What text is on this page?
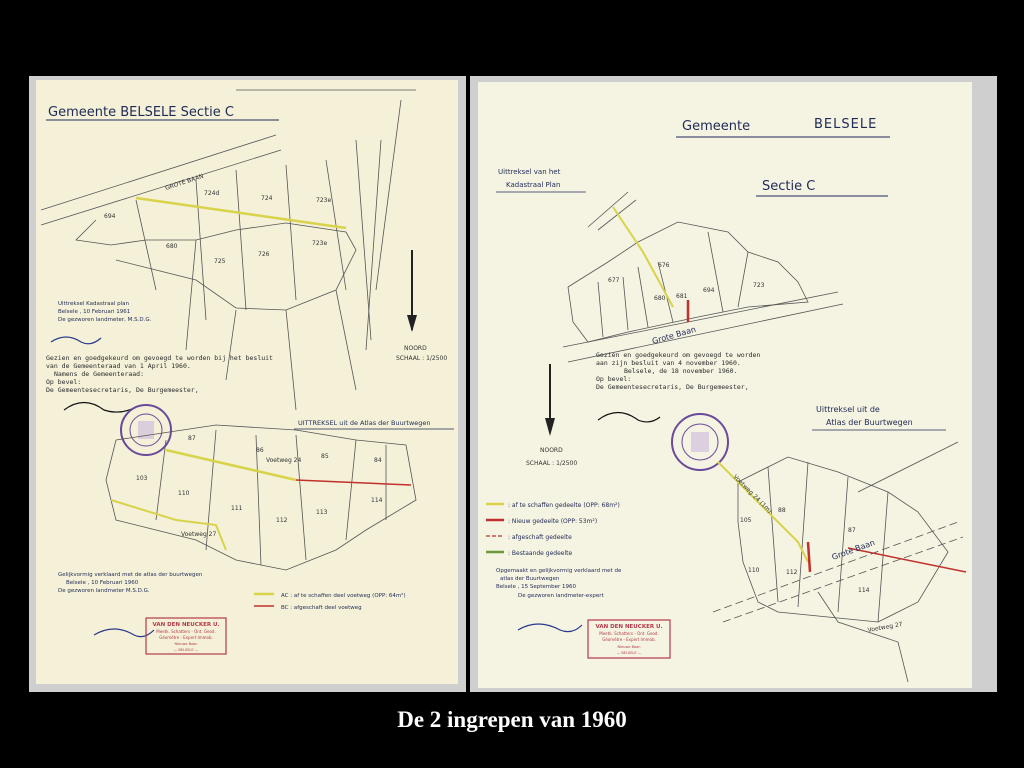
Gemeente BELSELE Sectie C
GROTE BAAN
694
724d
724	723e
680
725
726
723e
Uittreksel Kadastraal plan
Belsele , 10 Februari 1961
De gezworen landmeter, M.S.D.G.
NOORD
SCHAAL : 1/2500
Gezien en goedgekeurd om gevoegd te worden bij het besluit
van de Gemeenteraad van 1 April 1960.
Namens de Gemeenteraad:
Op bevel:
De Gemeentesecretaris, De Burgemeester,
UITTREKSEL uit de Atlas der Buurtwegen
87
86
85
84
103
110
111
112
113
114
Voetweg 24
Voetweg 27
Gelijkvormig verklaard met de atlas der buurtwegen
Belsele , 10 Februari 1960
De gezworen landmeter M.S.D.G.
AC : af te schaffen deel voetweg (OPP: 64m²)
BC : afgeschaft deel voetweg
VAN DEN NEUCKER U.
Meetk. Schatters - Ont. Geod.
Géomètre - Expert Immob.
Nieuwe Baan
— BELSELE —
Gemeente	BELSELE
Sectie C
Uittreksel van het
Kadastraal Plan
677
676
680 681
694
723
Grote Baan
Gezien en goedgekeurd om gevoegd te worden
aan zijn besluit van 4 november 1960.
Belsele, de 18 november 1960.
Op bevel:
De Gemeentesecretaris, De Burgemeester,
NOORD
SCHAAL : 1/2500
Uittreksel uit de
Atlas der Buurtwegen
105
88
87
110	112
114
Voetweg 24 (1m)
Voetweg 27
Grote Baan
: af te schaffen gedeelte (OPP: 68m²)
: Nieuw gedeelte (OPP: 53m²)
: afgeschaft gedeelte
: Bestaande gedeelte
Opgemaakt en gelijkvormig verklaard met de
atlas der Buurtwegen
Belsele , 15 September 1960
De gezworen landmeter-expert
VAN DEN NEUCKER U.
Meetk. Schatters - Ont. Geod.
Géomètre - Expert Immob.
Nieuwe Baan
— BELSELE —
De 2 ingrepen van 1960
